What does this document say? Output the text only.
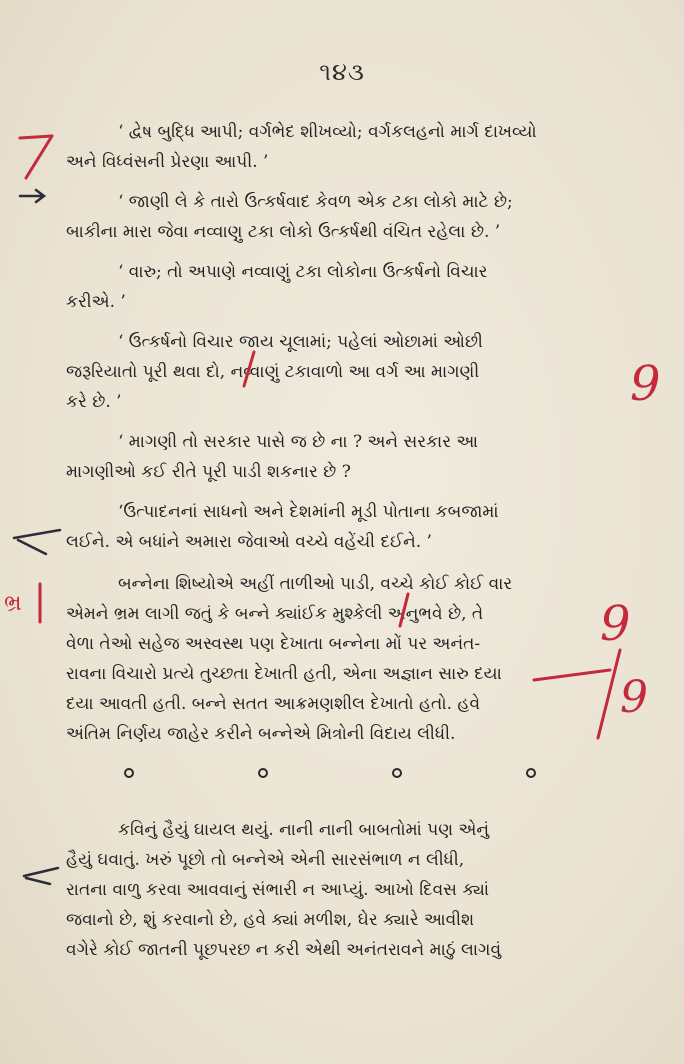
૧૪૩
‘ દ્વેષ બુદ્ધિ આપી; વર્ગભેદ શીખવ્યો; વર્ગકલહનો માર્ગ દાખવ્યો
અને વિધ્વંસની પ્રેરણા આપી. ’
‘ જાણી લે કે તારો ઉત્કર્ષવાદ કેવળ એક ટકા લોકો માટે છે;
બાકીના મારા જેવા નવ્વાણુ ટકા લોકો ઉત્કર્ષથી વંચિત રહેલા છે. ’
‘ વારુ; તો અપાણે નવ્વાણું ટકા લોકોના ઉત્કર્ષનો વિચાર
કરીએ. ’
‘ ઉત્કર્ષનો વિચાર જાય ચૂલામાં; પહેલાં ઓછામાં ઓછી
જરૂરિયાતો પૂરી થવા દો, નવ્વાણું ટકાવાળો આ વર્ગ આ માગણી
કરે છે. ’
‘ માગણી તો સરકાર પાસે જ છે ના ? અને સરકાર આ
માગણીઓ કઈ રીતે પૂરી પાડી શકનાર છે ?
‘ઉત્પાદનનાં સાધનો અને દેશમાંની મૂડી પોતાના કબજામાં
લઈને. એ બધાંને અમારા જેવાઓ વચ્ચે વહેંચી દઈને. ’
બન્નેના શિષ્યોએ અહીં તાળીઓ પાડી, વચ્ચે કોઈ કોઈ વાર
એમને ભ્રમ લાગી જતું કે બન્ને ક્યાંઈક મુશ્કેલી અનુભવે છે, તે
વેળા તેઓ સહેજ અસ્વસ્થ પણ દેખાતા બન્નેના મોં પર અનંત-
રાવના વિચારો પ્રત્યે તુચ્છતા દેખાતી હતી, એના અજ્ઞાન સારુ દયા
દયા આવતી હતી. બન્ને સતત આક્રમણશીલ દેખાતો હતો. હવે
અંતિમ નિર્ણય જાહેર કરીને બન્નેએ મિત્રોની વિદાય લીધી.
કવિનું હૈયું ઘાયલ થયું. નાની નાની બાબતોમાં પણ એનું
હૈયું ઘવાતું. ખરું પૂછો તો બન્નેએ એની સારસંભાળ ન લીધી,
રાતના વાળુ કરવા આવવાનું સંભારી ન આપ્યું. આખો દિવસ ક્યાં
જવાનો છે, શું કરવાનો છે, હવે ક્યાં મળીશ, ઘેર ક્યારે આવીશ
વગેરે કોઈ જાતની પૂછપરછ ન કરી એથી અનંતરાવને માઠું લાગવું
9
9
9
ભ્ર
